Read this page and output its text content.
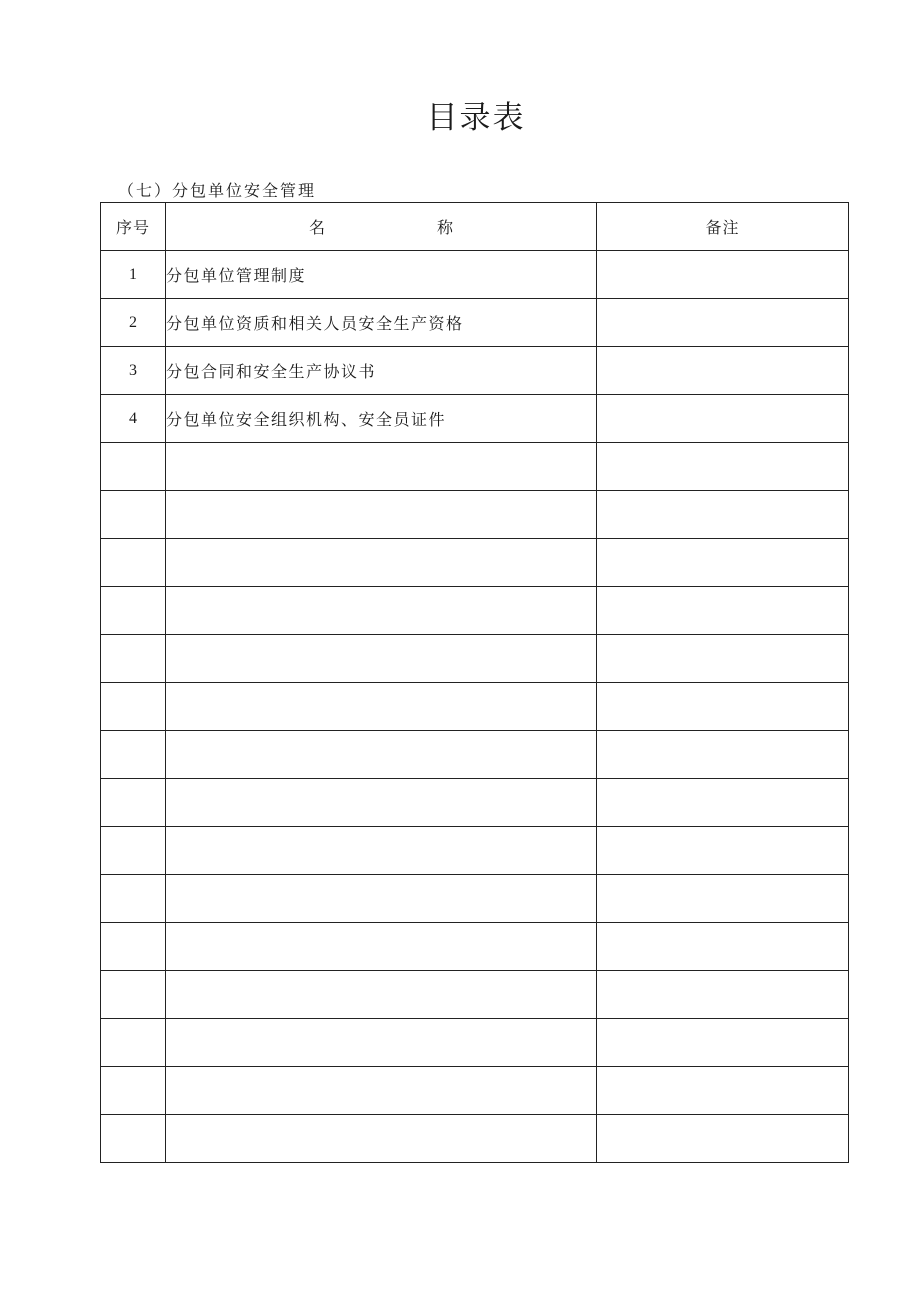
目录表

（七）分包单位安全管理

序号	名 称	备注
1	分包单位管理制度	
2	分包单位资质和相关人员安全生产资格	
3	分包合同和安全生产协议书	
4	分包单位安全组织机构、安全员证件	
